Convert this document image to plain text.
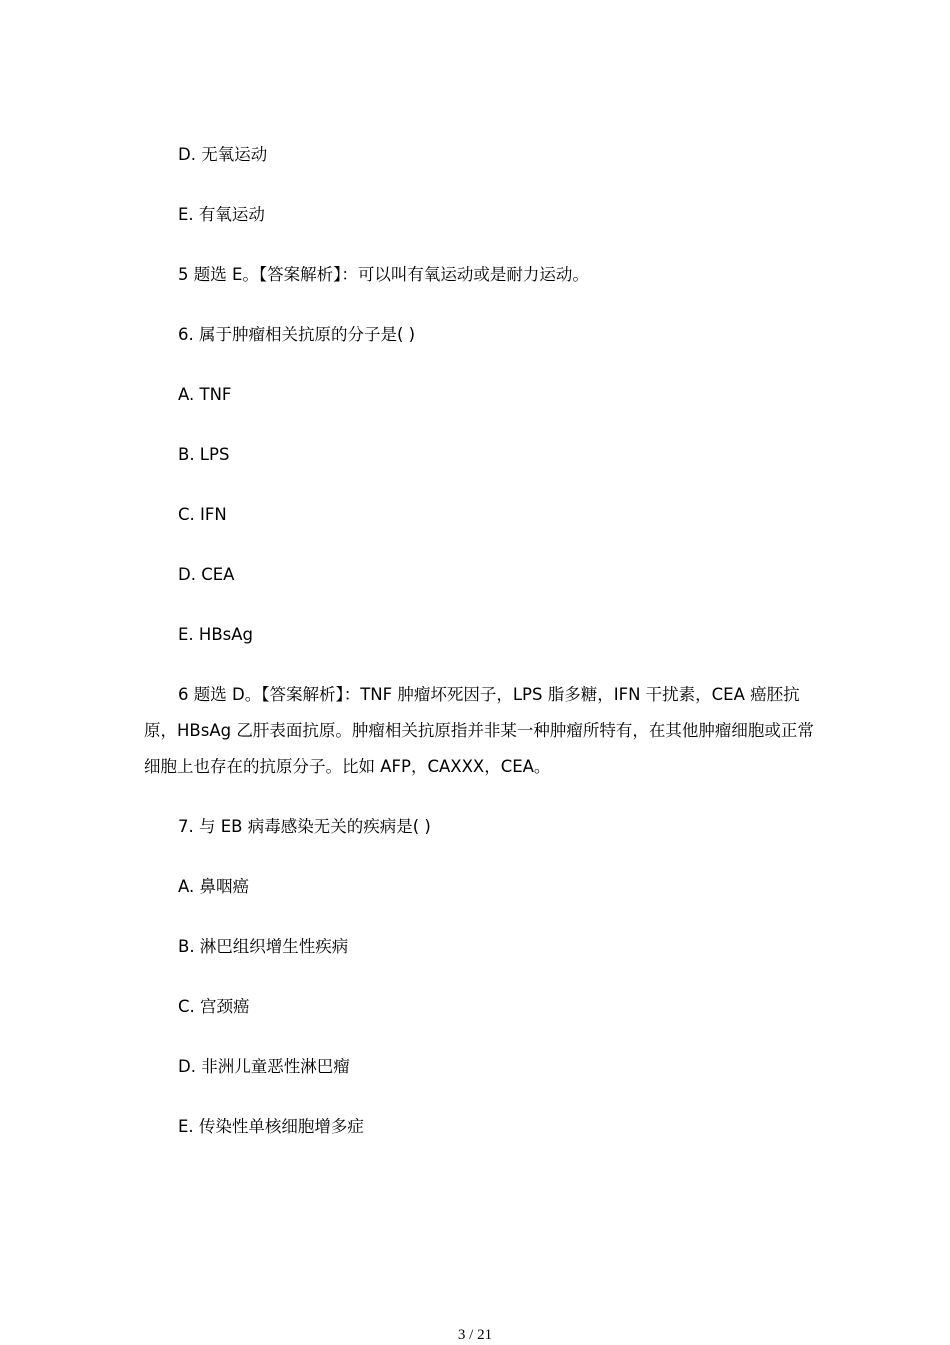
D. 无氧运动
E. 有氧运动
5 题选 E。【答案解析】：可以叫有氧运动或是耐力运动。
6. 属于肿瘤相关抗原的分子是( )
A. TNF
B. LPS
C. IFN
D. CEA
E. HBsAg
6 题选 D。【答案解析】：TNF 肿瘤坏死因子，LPS 脂多糖，IFN 干扰素，CEA 癌胚抗原，HBsAg 乙肝表面抗原。肿瘤相关抗原指并非某一种肿瘤所特有，在其他肿瘤细胞或正常细胞上也存在的抗原分子。比如 AFP，CAXXX，CEA。
7. 与 EB 病毒感染无关的疾病是( )
A. 鼻咽癌
B. 淋巴组织增生性疾病
C. 宫颈癌
D. 非洲儿童恶性淋巴瘤
E. 传染性单核细胞增多症
3 / 21
